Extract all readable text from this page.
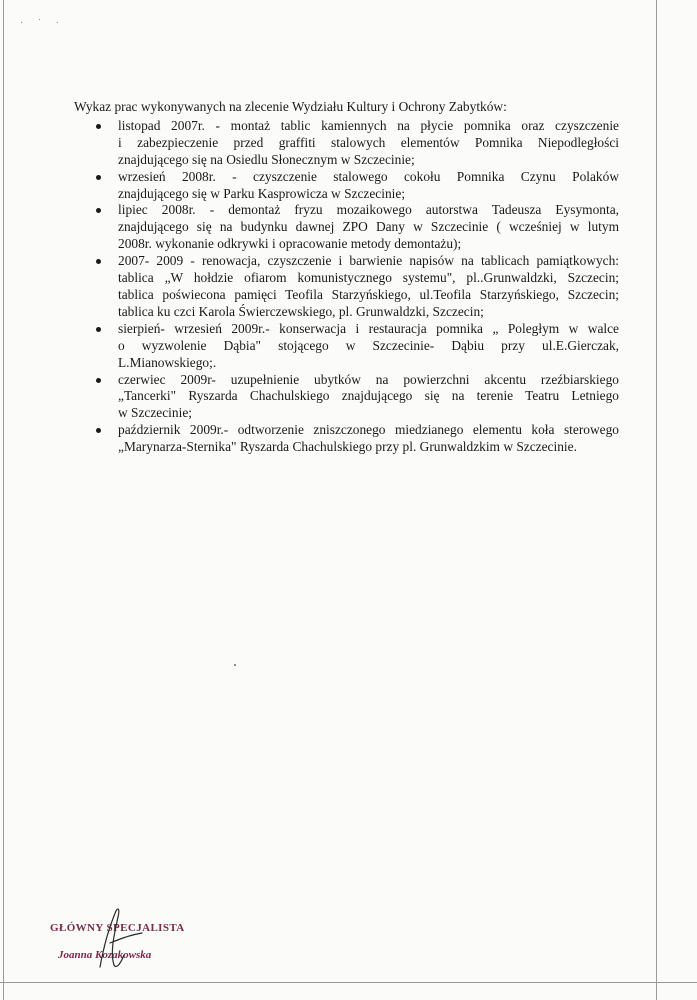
· ˙ ·

Wykaz prac wykonywanych na zlecenie Wydziału Kultury i Ochrony Zabytków:

listopad 2007r. - montaż tablic kamiennych na płycie pomnika oraz czyszczenie
i zabezpieczenie przed graffiti stalowych elementów Pomnika Niepodległości
znajdującego się na Osiedlu Słonecznym w Szczecinie;
wrzesień 2008r. - czyszczenie stalowego cokołu Pomnika Czynu Polaków
znajdującego się w Parku Kasprowicza w Szczecinie;
lipiec 2008r. - demontaż fryzu mozaikowego autorstwa Tadeusza Eysymonta,
znajdującego się na budynku dawnej ZPO Dany w Szczecinie ( wcześniej w lutym
2008r. wykonanie odkrywki i opracowanie metody demontażu);
2007- 2009 - renowacja, czyszczenie i barwienie napisów na tablicach pamiątkowych:
tablica „W hołdzie ofiarom komunistycznego systemu", pl..Grunwaldzki, Szczecin;
tablica poświecona pamięci Teofila Starzyńskiego, ul.Teofila Starzyńskiego, Szczecin;
tablica ku czci Karola Świerczewskiego, pl. Grunwaldzki, Szczecin;
sierpień- wrzesień 2009r.- konserwacja i restauracja pomnika „ Poległym w walce
o wyzwolenie Dąbia" stojącego w Szczecinie- Dąbiu przy ul.E.Gierczak,
L.Mianowskiego;.
czerwiec 2009r- uzupełnienie ubytków na powierzchni akcentu rzeźbiarskiego
„Tancerki" Ryszarda Chachulskiego znajdującego się na terenie Teatru Letniego
w Szczecinie;
październik 2009r.- odtworzenie zniszczonego miedzianego elementu koła sterowego
„Marynarza-Sternika" Ryszarda Chachulskiego przy pl. Grunwaldzkim w Szczecinie.
GŁÓWNY SPECJALISTA
Joanna Kozakowska
